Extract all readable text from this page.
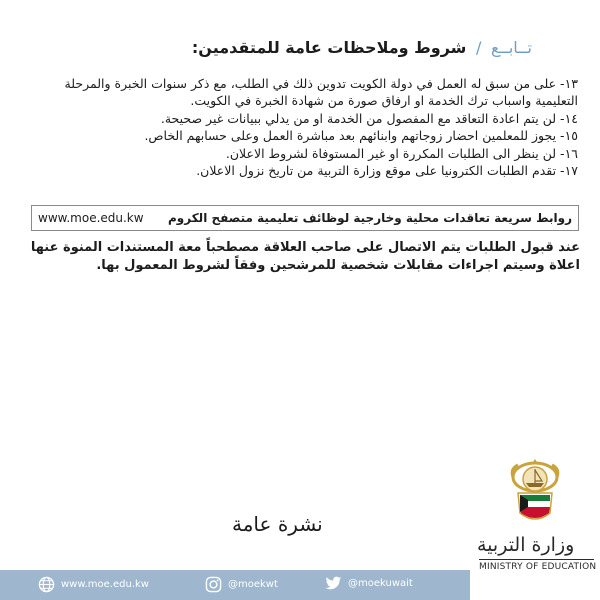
تــابــع / شروط وملاحظات عامة للمتقدمين:

١٣- على من سبق له العمل في دولة الكويت تدوين ذلك في الطلب، مع ذكر سنوات الخبرة والمرحلة التعليمية واسباب ترك الخدمة او ارفاق صورة من شهادة الخبرة في الكويت.

١٤- لن يتم اعادة التعاقد مع المفصول من الخدمة او من يدلي ببيانات غير صحيحة.

١٥- يجوز للمعلمين احضار زوجاتهم وابنائهم بعد مباشرة العمل وعلى حسابهم الخاص.

١٦- لن ينظر الى الطلبات المكررة او غير المستوفاة لشروط الاعلان.

١٧- تقدم الطلبات الكترونيا على موقع وزارة التربية من تاريخ نزول الاعلان.

www.moe.edu.kw روابط سريعة تعاقدات محلية وخارجية لوظائف تعليمية متصفح الكروم
عند قبول الطلبات يتم الاتصال على صاحب العلاقة مصطحباً معة المستندات المنوة عنها اعلاة وسيتم اجراءات مقابلات شخصية للمرشحين وفقاً لشروط المعمول بها.
نشرة عامة
وزارة التربية
MINISTRY OF EDUCATION
www.moe.edu.kw	@moekwt	@moekuwait
